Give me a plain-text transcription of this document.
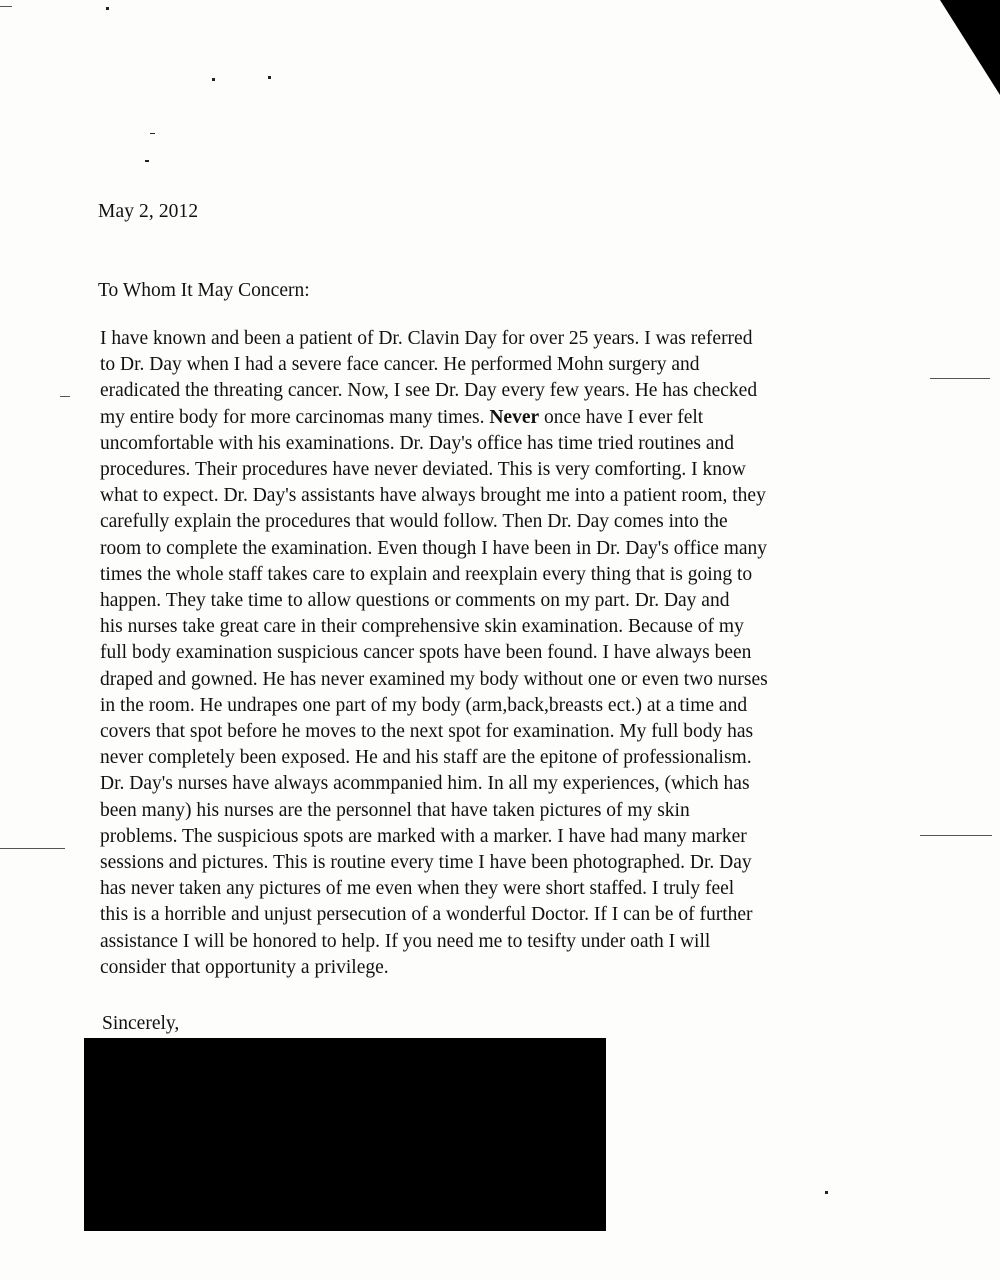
May 2, 2012
To Whom It May Concern:
I have known and been a patient of Dr. Clavin Day for over 25 years. I was referred
to Dr. Day when I had a severe face cancer. He performed Mohn surgery and
eradicated the threating cancer. Now, I see Dr. Day every few years. He has checked
my entire body for more carcinomas many times. Never once have I ever felt
uncomfortable with his examinations. Dr. Day's office has time tried routines and
procedures. Their procedures have never deviated. This is very comforting. I know
what to expect. Dr. Day's assistants have always brought me into a patient room, they
carefully explain the procedures that would follow. Then Dr. Day comes into the
room to complete the examination. Even though I have been in Dr. Day's office many
times the whole staff takes care to explain and reexplain every thing that is going to
happen. They take time to allow questions or comments on my part. Dr. Day and
his nurses take great care in their comprehensive skin examination. Because of my
full body examination suspicious cancer spots have been found. I have always been
draped and gowned. He has never examined my body without one or even two nurses
in the room. He undrapes one part of my body (arm,back,breasts ect.) at a time and
covers that spot before he moves to the next spot for examination. My full body has
never completely been exposed. He and his staff are the epitone of professionalism.
Dr. Day's nurses have always acommpanied him. In all my experiences, (which has
been many) his nurses are the personnel that have taken pictures of my skin
problems. The suspicious spots are marked with a marker. I have had many marker
sessions and pictures. This is routine every time I have been photographed. Dr. Day
has never taken any pictures of me even when they were short staffed. I truly feel
this is a horrible and unjust persecution of a wonderful Doctor. If I can be of further
assistance I will be honored to help. If you need me to tesifty under oath I will
consider that opportunity a privilege.
Sincerely,
